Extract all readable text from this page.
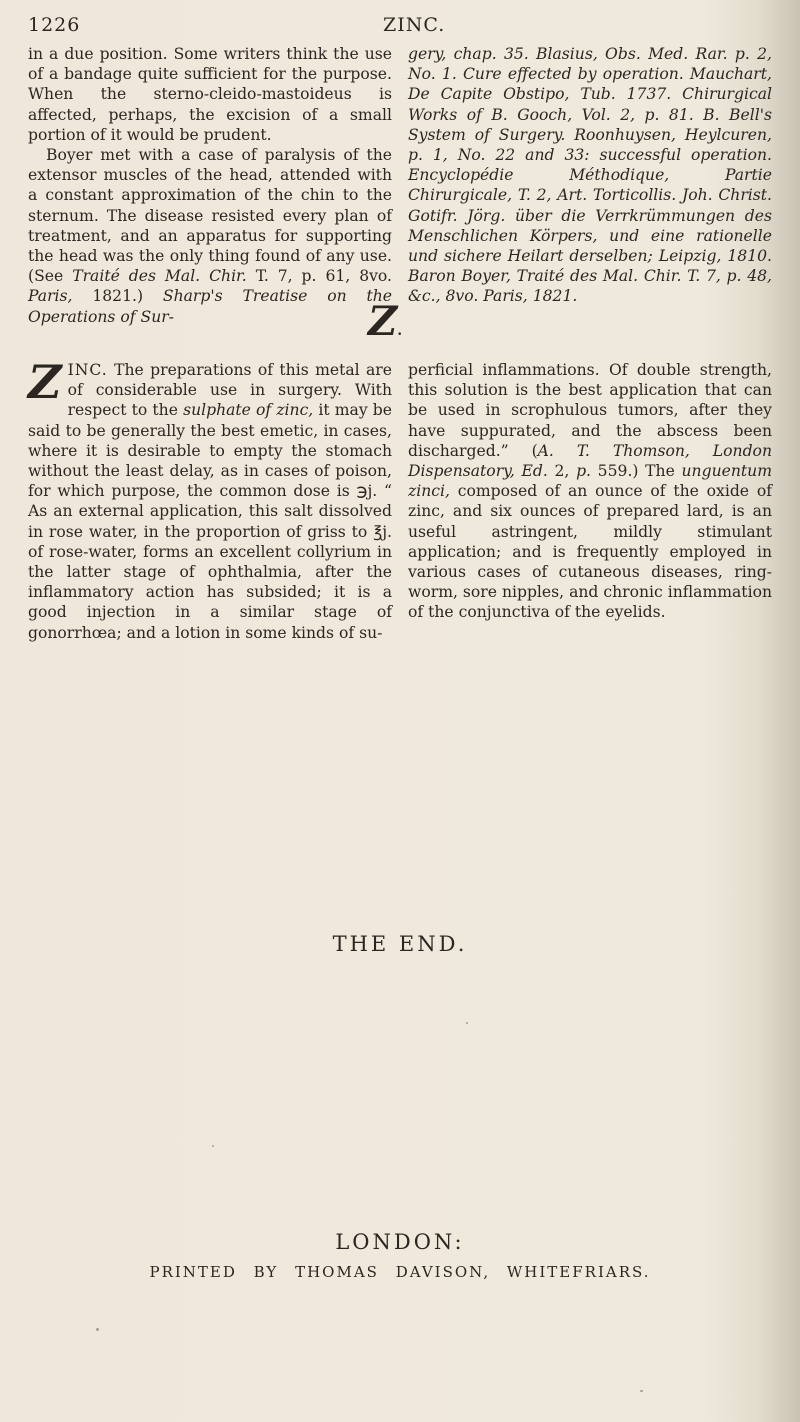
1226	ZINC.

in a due position. Some writers think the use of a bandage quite sufficient for the purpose. When the sterno-cleido-mastoideus is affected, perhaps, the excision of a small portion of it would be prudent.

Boyer met with a case of paralysis of the extensor muscles of the head, attended with a constant approximation of the chin to the sternum. The disease resisted every plan of treatment, and an apparatus for supporting the head was the only thing found of any use. (See Traité des Mal. Chir. T. 7, p. 61, 8vo. Paris, 1821.) Sharp's Treatise on the Operations of Sur-

gery, chap. 35. Blasius, Obs. Med. Rar. p. 2, No. 1. Cure effected by operation. Mauchart, De Capite Obstipo, Tub. 1737. Chirurgical Works of B. Gooch, Vol. 2, p. 81. B. Bell's System of Surgery. Roonhuysen, Heylcuren, p. 1, No. 22 and 33: successful operation. Encyclopédie Méthodique, Partie Chirurgicale, T. 2, Art. Torticollis. Joh. Christ. Gotifr. Jörg. über die Verrkrümmungen des Menschlichen Körpers, und eine rationelle und sichere Heilart derselben; Leipzig, 1810. Baron Boyer, Traité des Mal. Chir. T. 7, p. 48, &c., 8vo. Paris, 1821.

Z.

ZINC. The preparations of this metal are of considerable use in surgery. With respect to the sulphate of zinc, it may be said to be generally the best emetic, in cases, where it is desirable to empty the stomach without the least delay, as in cases of poison, for which purpose, the common dose is ℈j. “ As an external application, this salt dissolved in rose water, in the proportion of griss to ℥j. of rose-water, forms an excellent collyrium in the latter stage of ophthalmia, after the inflammatory action has subsided; it is a good injection in a similar stage of gonorrhœa; and a lotion in some kinds of su-

perficial inflammations. Of double strength, this solution is the best application that can be used in scrophulous tumors, after they have suppurated, and the abscess been discharged.” (A. T. Thomson, London Dispensatory, Ed. 2, p. 559.) The unguentum zinci, composed of an ounce of the oxide of zinc, and six ounces of prepared lard, is an useful astringent, mildly stimulant application; and is frequently employed in various cases of cutaneous diseases, ring-worm, sore nipples, and chronic inflammation of the conjunctiva of the eyelids.

THE END.
LONDON:
PRINTED BY THOMAS DAVISON, WHITEFRIARS.
